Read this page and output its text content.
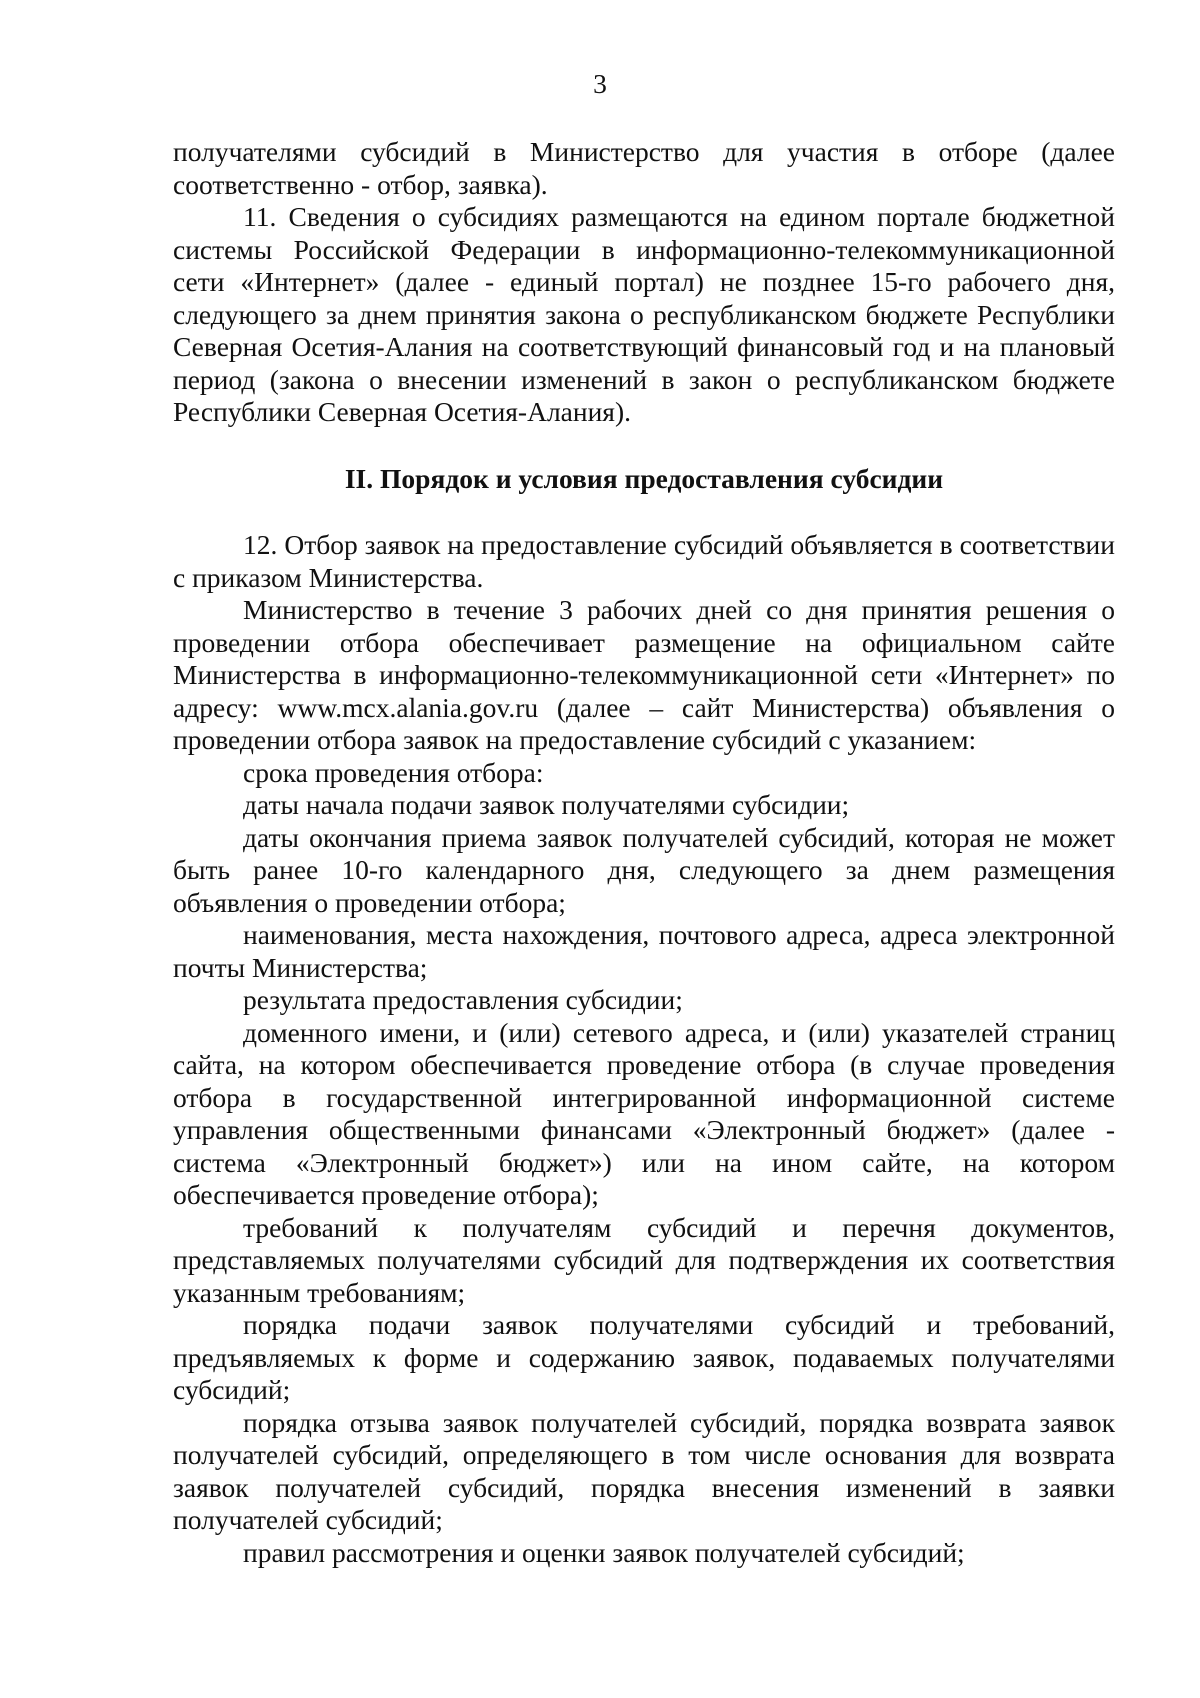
3

получателями субсидий в Министерство для участия в отборе (далее соответственно - отбор, заявка).

11. Сведения о субсидиях размещаются на едином портале бюджетной системы Российской Федерации в информационно-телекоммуникационной сети «Интернет» (далее - единый портал) не позднее 15-го рабочего дня, следующего за днем принятия закона о республиканском бюджете Республики Северная Осетия-Алания на соответствующий финансовый год и на плановый период (закона о внесении изменений в закон о республиканском бюджете Республики Северная Осетия-Алания).

II. Порядок и условия предоставления субсидии

12. Отбор заявок на предоставление субсидий объявляется в соответствии с приказом Министерства.

Министерство в течение 3 рабочих дней со дня принятия решения о проведении отбора обеспечивает размещение на официальном сайте Министерства в информационно-телекоммуникационной сети «Интернет» по адресу: www.mcx.alania.gov.ru (далее – сайт Министерства) объявления о проведении отбора заявок на предоставление субсидий с указанием:

срока проведения отбора:

даты начала подачи заявок получателями субсидии;

даты окончания приема заявок получателей субсидий, которая не может быть ранее 10-го календарного дня, следующего за днем размещения объявления о проведении отбора;

наименования, места нахождения, почтового адреса, адреса электронной почты Министерства;

результата предоставления субсидии;

доменного имени, и (или) сетевого адреса, и (или) указателей страниц сайта, на котором обеспечивается проведение отбора (в случае проведения отбора в государственной интегрированной информационной системе управления общественными финансами «Электронный бюджет» (далее - система «Электронный бюджет») или на ином сайте, на котором обеспечивается проведение отбора);

требований к получателям субсидий и перечня документов, представляемых получателями субсидий для подтверждения их соответствия указанным требованиям;

порядка подачи заявок получателями субсидий и требований, предъявляемых к форме и содержанию заявок, подаваемых получателями субсидий;

порядка отзыва заявок получателей субсидий, порядка возврата заявок получателей субсидий, определяющего в том числе основания для возврата заявок получателей субсидий, порядка внесения изменений в заявки получателей субсидий;

правил рассмотрения и оценки заявок получателей субсидий;
